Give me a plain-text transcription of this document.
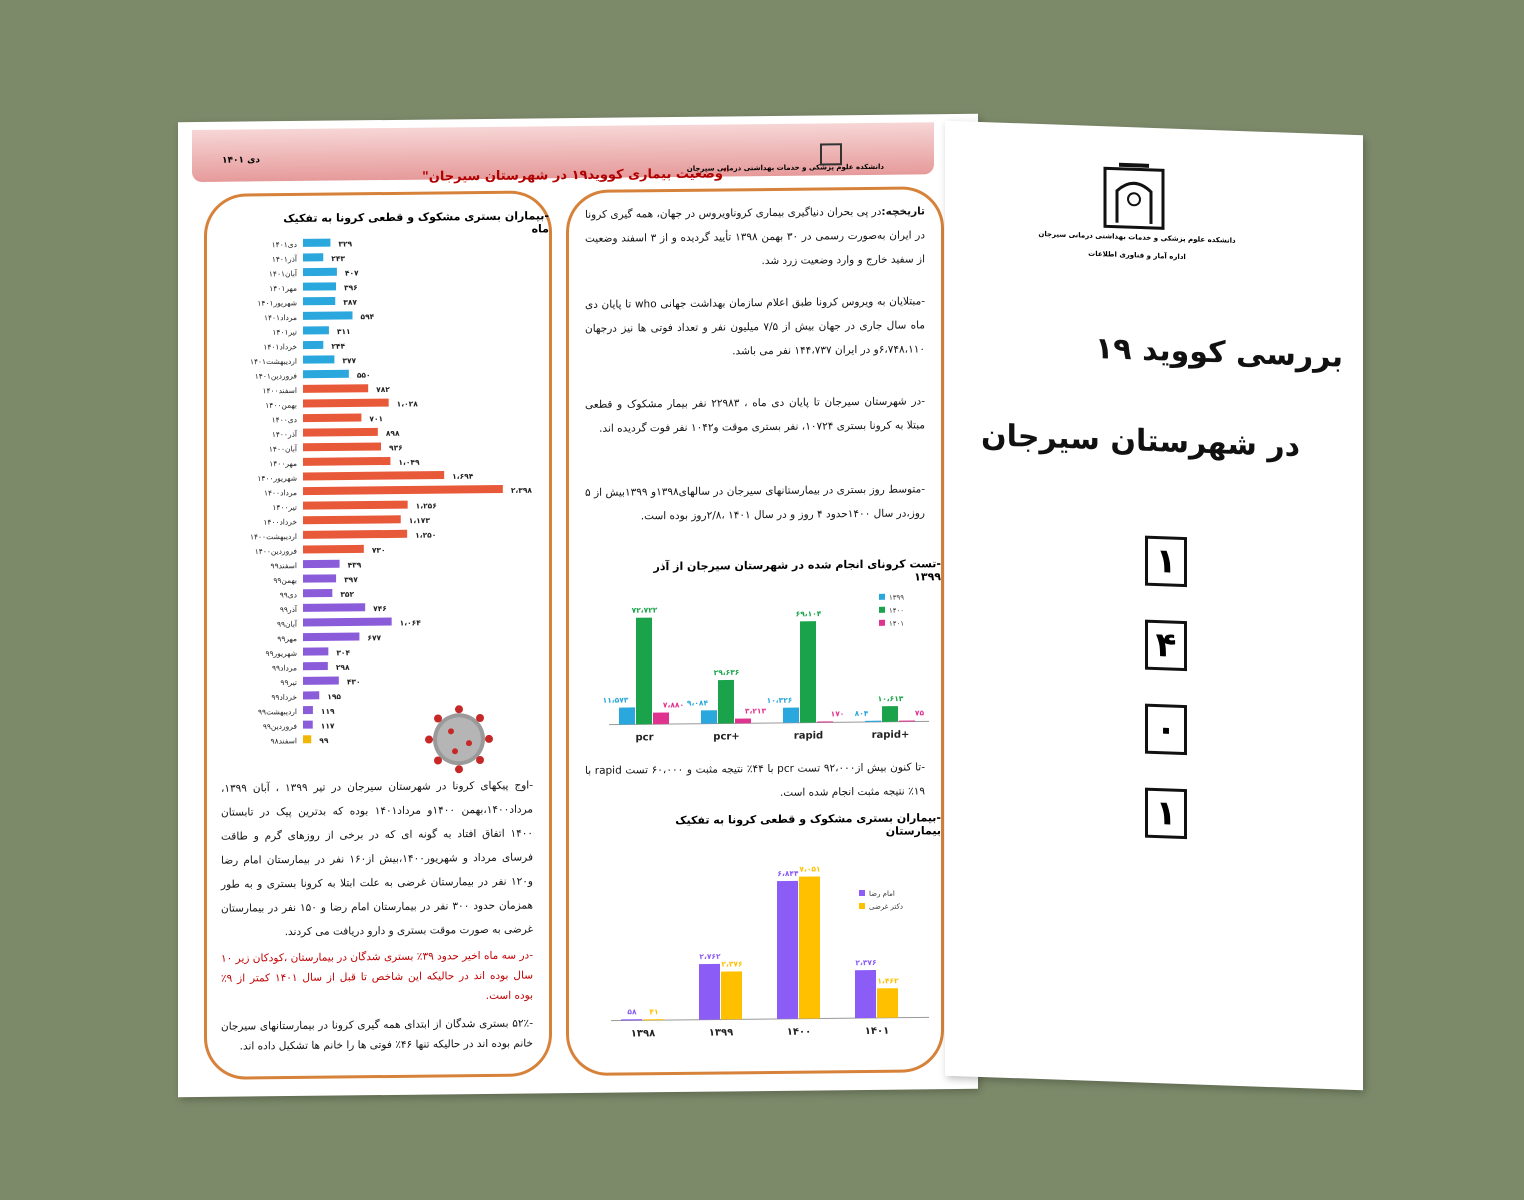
دی ۱۴۰۱
"وضعیت بیماری کووید۱۹ در شهرستان سیرجان"
دانشکده علوم پزشکی و خدمات بهداشتی درمانی سیرجان
-بیماران بستری مشکوک و قطعی کرونا به تفکیک ماه
دی۱۴۰۱	۳۲۹
آذر۱۴۰۱	۲۴۳
آبان۱۴۰۱	۴۰۷
مهر۱۴۰۱	۳۹۶
شهریور۱۴۰۱	۳۸۷
مرداد۱۴۰۱	۵۹۴
تیر۱۴۰۱	۳۱۱
خرداد۱۴۰۱	۲۴۴
اردیبهشت۱۴۰۱	۳۷۷
فروردین۱۴۰۱	۵۵۰
اسفند۱۴۰۰	۷۸۲
بهمن۱۴۰۰	۱،۰۲۸
دی۱۴۰۰	۷۰۱
آذر۱۴۰۰	۸۹۸
آبان۱۴۰۰	۹۳۶
مهر۱۴۰۰	۱،۰۴۹
شهریور۱۴۰۰	۱،۶۹۴
مرداد۱۴۰۰	۲،۳۹۸
تیر۱۴۰۰	۱،۲۵۶
خرداد۱۴۰۰	۱،۱۷۳
اردیبهشت۱۴۰۰	۱،۲۵۰
فروردین۱۴۰۰	۷۳۰
اسفند۹۹	۴۳۹
بهمن۹۹	۳۹۷
دی۹۹	۳۵۲
آذر۹۹	۷۴۶
آبان۹۹	۱،۰۶۴
مهر۹۹	۶۷۷
شهریور۹۹	۳۰۴
مرداد۹۹	۲۹۸
تیر۹۹	۴۳۰
خرداد۹۹	۱۹۵
اردیبهشت۹۹	۱۱۹
فروردین۹۹	۱۱۷
اسفند۹۸	۹۹
-اوج پیکهای کرونا در شهرستان سیرجان در تیر ۱۳۹۹ ، آبان ۱۳۹۹، مرداد۱۴۰۰،بهمن ۱۴۰۰و مرداد۱۴۰۱ بوده که بدترین پیک در تابستان ۱۴۰۰ اتفاق افتاد به گونه ای که در برخی از روزهای گرم و طاقت فرسای مرداد و شهریور۱۴۰۰،بیش از۱۶۰ نفر در بیمارستان امام رضا و۱۲۰ نفر در بیمارستان غرضی به علت ابتلا به کرونا بستری و به طور همزمان حدود ۳۰۰ نفر در بیمارستان امام رضا و ۱۵۰ نفر در بیمارستان غرضی به صورت موقت بستری و دارو دریافت می کردند.
-در سه ماه اخیر حدود ۳۹٪ بستری شدگان در بیمارستان ،کودکان زیر ۱۰ سال بوده اند در حالیکه این شاخص تا قبل از سال ۱۴۰۱ کمتر از ۹٪ بوده است.
-۵۲٪ بستری شدگان از ابتدای همه گیری کرونا در بیمارستانهای سیرجان خانم بوده اند در حالیکه تنها ۴۶٪ فوتی ها را خانم ها تشکیل داده اند.
تاریخچه:در پی بحران دنیاگیری بیماری کروناویروس در جهان، همه گیری کرونا در ایران به‌صورت رسمی در ۳۰ بهمن ۱۳۹۸ تأیید گردیده و از ۳ اسفند وضعیت از سفید خارج و وارد وضعیت زرد شد.
-مبتلایان به ویروس کرونا طبق اعلام سازمان بهداشت جهانی who تا پایان دی ماه سال جاری در جهان بیش از ۷/۵ میلیون نفر و تعداد فوتی ها نیز درجهان ۶،۷۴۸،۱۱۰و در ایران ۱۴۴،۷۳۷ نفر می باشد.
-در شهرستان سیرجان تا پایان دی ماه ، ۲۲۹۸۳ نفر بیمار مشکوک و قطعی مبتلا به کرونا بستری ۱۰۷۲۴، نفر بستری موقت و۱۰۴۲ نفر فوت گردیده اند.
-متوسط روز بستری در بیمارستانهای سیرجان در سالهای۱۳۹۸و ۱۳۹۹بیش از ۵ روز،در سال ۱۴۰۰حدود ۴ روز و در سال ۱۴۰۱ ،۲/۸روز بوده است.
-تست کرونای انجام شده در شهرستان سیرجان از آذر ۱۳۹۹
۱۱،۵۷۳
۷۲،۷۲۲
۷،۸۸۰
pcr
۹،۰۸۴
۲۹،۶۳۶
۳،۲۱۳
pcr+
۱۰،۳۲۶
۶۹،۱۰۴
۱۷۰
rapid
۸۰۴
۱۰،۶۱۳
۷۵
rapid+
۱۳۹۹
۱۴۰۰
۱۴۰۱
-تا کنون بیش از۹۲،۰۰۰ تست pcr با ۴۴٪ نتیجه مثبت و ۶۰،۰۰۰ تست rapid با ۱۹٪ نتیجه مثبت انجام شده است.
-بیماران بستری مشکوک و قطعی کرونا به تفکیک بیمارستان
۵۸ ۴۱
۱۳۹۸
۲،۷۶۲
۲،۳۷۶
۱۳۹۹
۶،۸۴۴ ۷،۰۵۱
۱۴۰۰
۲،۳۷۶
۱،۴۶۲
۱۴۰۱
امام رضا
دکتر غرضی
دانشکده علوم پزشکی و خدمات بهداشتی درمانی سیرجان
اداره آمار و فناوری اطلاعات
بررسی کووید ۱۹
در شهرستان سیرجان
۱
۴
۰
۱
